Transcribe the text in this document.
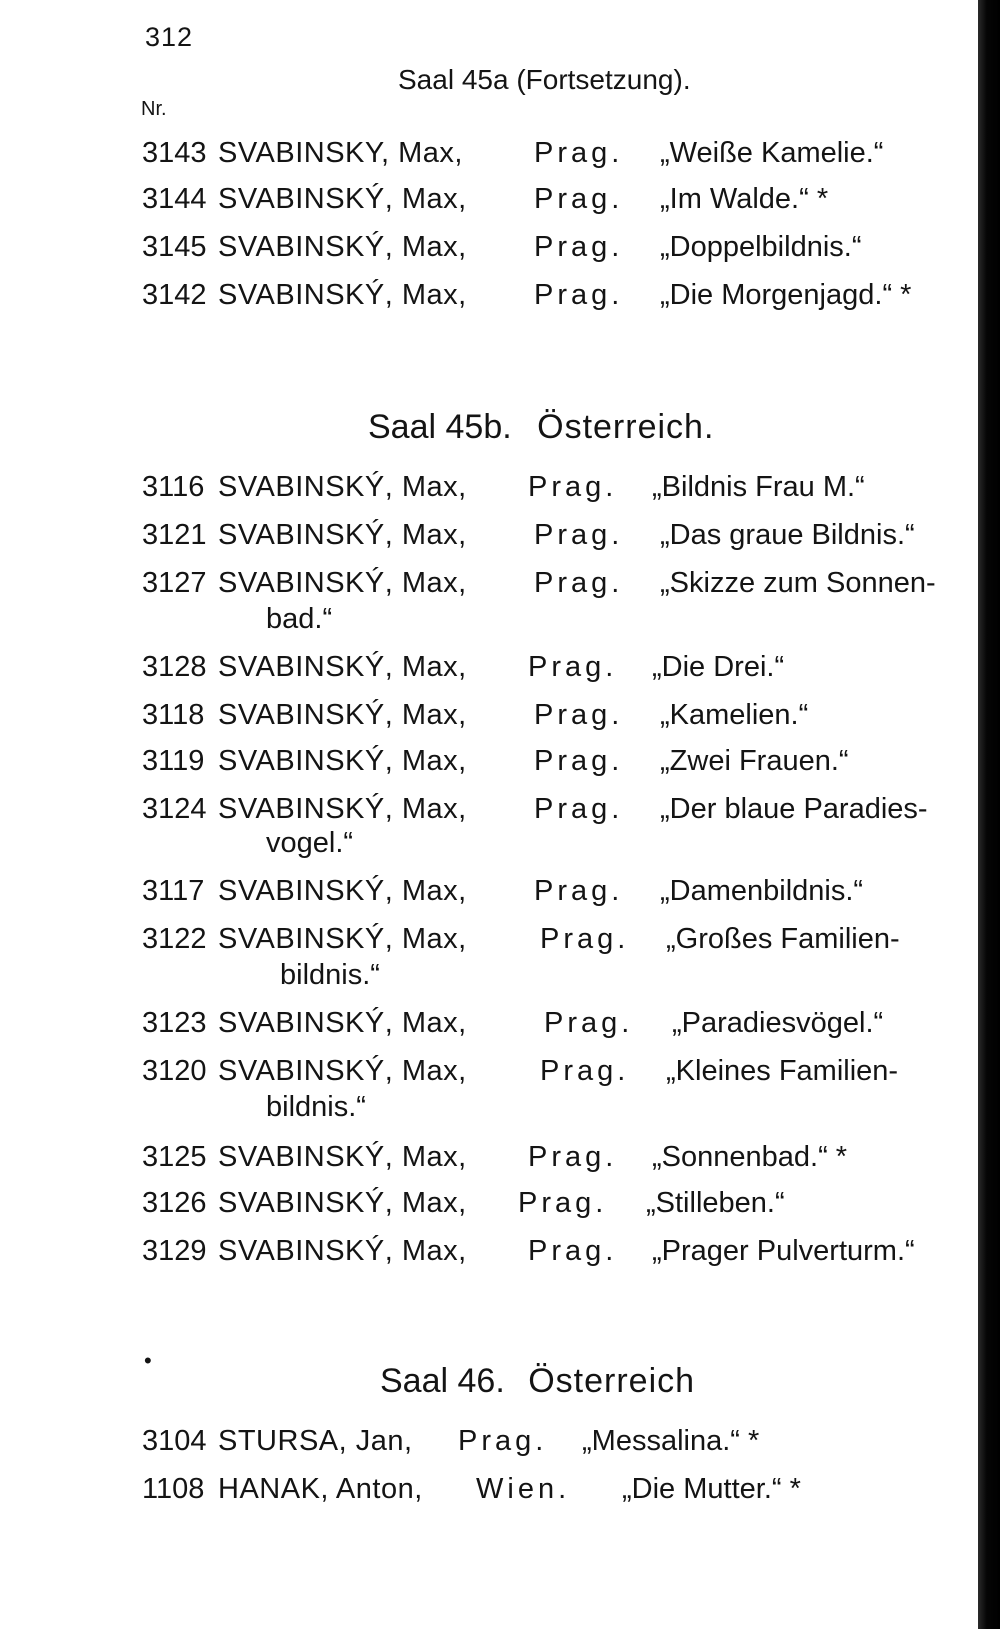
312
Saal 45a (Fortsetzung).
Nr.
3143 SVABINSKY, Max, Prag. „Weiße Kamelie.“
3144 SVABINSKÝ, Max, Prag. „Im Walde.“ *
3145 SVABINSKÝ, Max, Prag. „Doppelbildnis.“
3142 SVABINSKÝ, Max, Prag. „Die Morgenjagd.“ *
Saal 45b. Österreich.
3116 SVABINSKÝ, Max, Prag. „Bildnis Frau M.“
3121 SVABINSKÝ, Max, Prag. „Das graue Bildnis.“
3127 SVABINSKÝ, Max, Prag. „Skizze zum Sonnen-
bad.“
3128 SVABINSKÝ, Max, Prag. „Die Drei.“
3118 SVABINSKÝ, Max, Prag. „Kamelien.“
3119 SVABINSKÝ, Max, Prag. „Zwei Frauen.“
3124 SVABINSKÝ, Max, Prag. „Der blaue Paradies-
vogel.“
3117 SVABINSKÝ, Max, Prag. „Damenbildnis.“
3122 SVABINSKÝ, Max,	Prag. „Großes Familien-
bildnis.“
3123 SVABINSKÝ, Max,	Prag. „Paradiesvögel.“
3120 SVABINSKÝ, Max,	Prag. „Kleines Familien-
bildnis.“
3125 SVABINSKÝ, Max, Prag. „Sonnenbad.“ *
3126 SVABINSKÝ, Max, Prag. „Stilleben.“
3129 SVABINSKÝ, Max, Prag. „Prager Pulverturm.“
•
Saal 46. Österreich
3104 STURSA, Jan, Prag. „Messalina.“ *
1108 HANAK, Anton, Wien. „Die Mutter.“ *
